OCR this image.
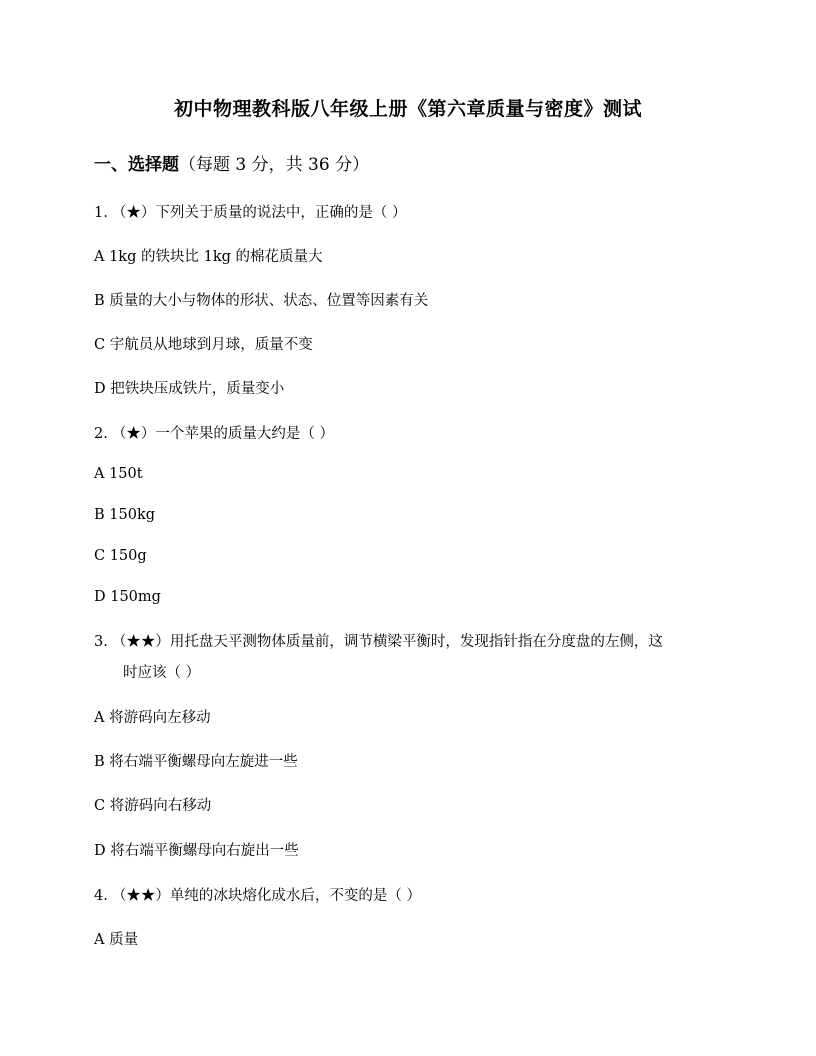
初中物理教科版八年级上册《第六章质量与密度》测试
一、选择题（每题 3 分，共 36 分）
1. （★）下列关于质量的说法中，正确的是（ ）
A 1kg 的铁块比 1kg 的棉花质量大
B 质量的大小与物体的形状、状态、位置等因素有关
C 宇航员从地球到月球，质量不变
D 把铁块压成铁片，质量变小
2. （★）一个苹果的质量大约是（ ）
A 150t
B 150kg
C 150g
D 150mg
3. （★★）用托盘天平测物体质量前，调节横梁平衡时，发现指针指在分度盘的左侧，这
时应该（ ）
A 将游码向左移动
B 将右端平衡螺母向左旋进一些
C 将游码向右移动
D 将右端平衡螺母向右旋出一些
4. （★★）单纯的冰块熔化成水后，不变的是（ ）
A 质量
